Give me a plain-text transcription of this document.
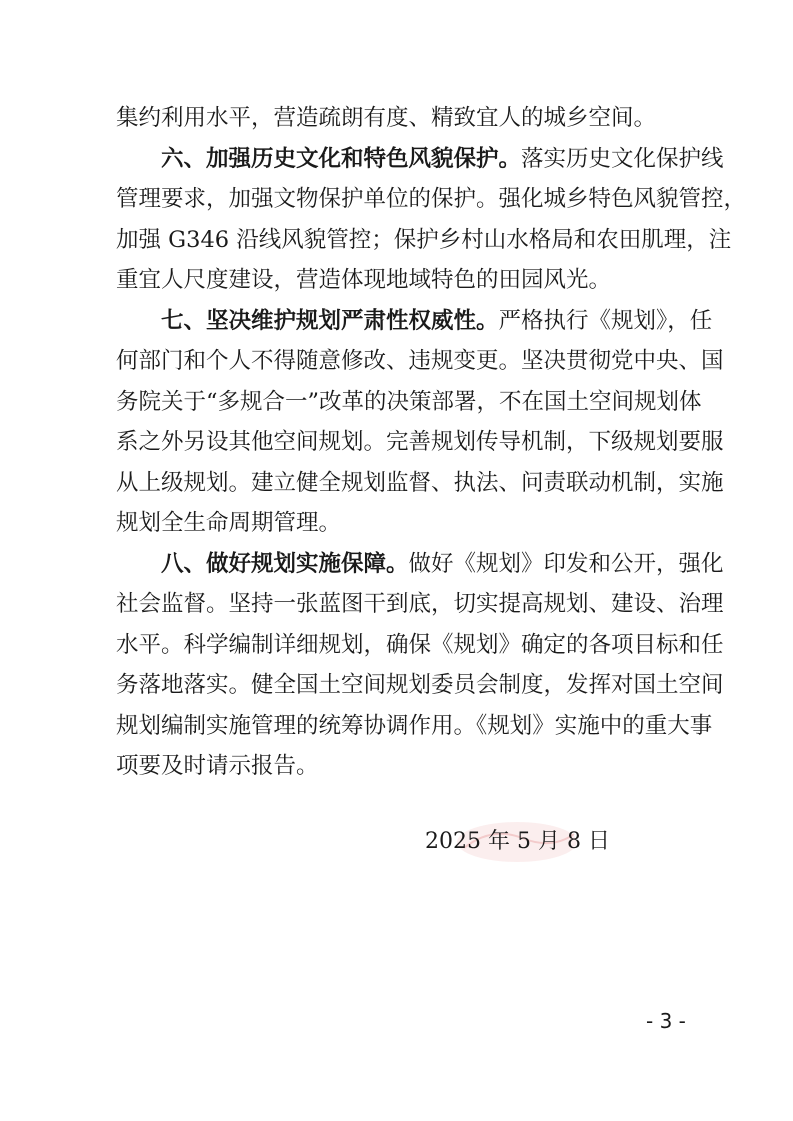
集约利用水平，营造疏朗有度、精致宜人的城乡空间。
六、加强历史文化和特色风貌保护。落实历史文化保护线
管理要求，加强文物保护单位的保护。强化城乡特色风貌管控，
加强 G346 沿线风貌管控；保护乡村山水格局和农田肌理，注
重宜人尺度建设，营造体现地域特色的田园风光。
七、坚决维护规划严肃性权威性。严格执行《规划》，任
何部门和个人不得随意修改、违规变更。坚决贯彻党中央、国
务院关于“多规合一”改革的决策部署，不在国土空间规划体
系之外另设其他空间规划。完善规划传导机制，下级规划要服
从上级规划。建立健全规划监督、执法、问责联动机制，实施
规划全生命周期管理。
八、做好规划实施保障。做好《规划》印发和公开，强化
社会监督。坚持一张蓝图干到底，切实提高规划、建设、治理
水平。科学编制详细规划，确保《规划》确定的各项目标和任
务落地落实。健全国土空间规划委员会制度，发挥对国土空间
规划编制实施管理的统筹协调作用。《规划》实施中的重大事
项要及时请示报告。
2025 年 5 月 8 日
- 3 -
